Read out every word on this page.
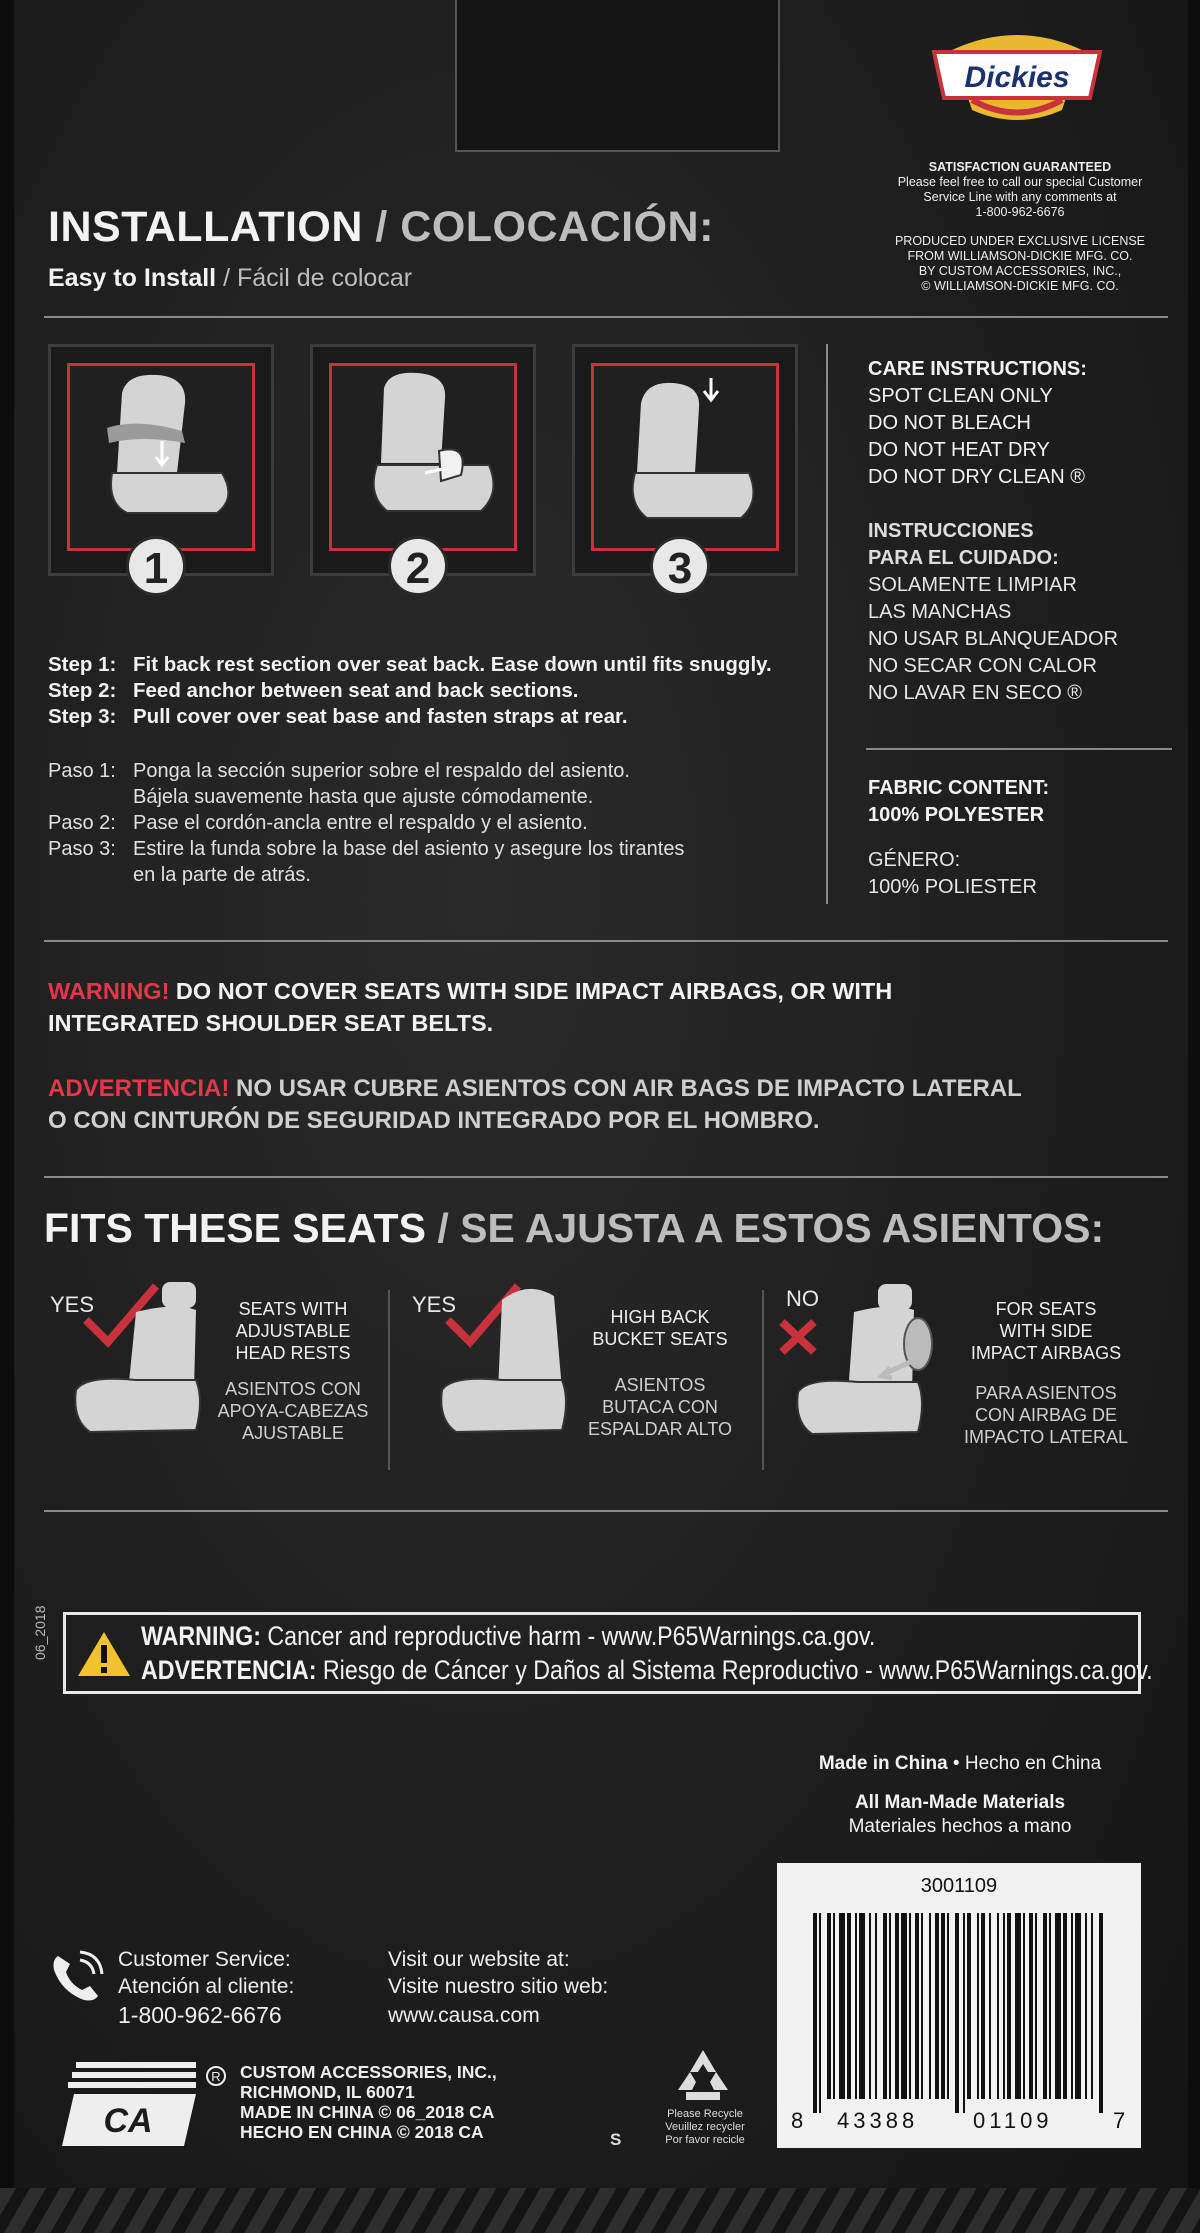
Dickies
SATISFACTION GUARANTEED
Please feel free to call our special Customer
Service Line with any comments at
1-800-962-6676
PRODUCED UNDER EXCLUSIVE LICENSE
FROM WILLIAMSON-DICKIE MFG. CO.
BY CUSTOM ACCESSORIES, INC.,
© WILLIAMSON-DICKIE MFG. CO.
INSTALLATION / COLOCACIÓN:
Easy to Install / Fácil de colocar
1	2	3
Step 1: Fit back rest section over seat back. Ease down until fits snuggly.
Step 2: Feed anchor between seat and back sections.
Step 3: Pull cover over seat base and fasten straps at rear.
Paso 1: Ponga la sección superior sobre el respaldo del asiento.
Bájela suavemente hasta que ajuste cómodamente.
Paso 2: Pase el cordón-ancla entre el respaldo y el asiento.
Paso 3: Estire la funda sobre la base del asiento y asegure los tirantes
en la parte de atrás.
CARE INSTRUCTIONS:
SPOT CLEAN ONLY
DO NOT BLEACH
DO NOT HEAT DRY
DO NOT DRY CLEAN ®
INSTRUCCIONES
PARA EL CUIDADO:
SOLAMENTE LIMPIAR
LAS MANCHAS
NO USAR BLANQUEADOR
NO SECAR CON CALOR
NO LAVAR EN SECO ®
FABRIC CONTENT:
100% POLYESTER
GÉNERO:
100% POLIESTER
WARNING! DO NOT COVER SEATS WITH SIDE IMPACT AIRBAGS, OR WITH
INTEGRATED SHOULDER SEAT BELTS.
ADVERTENCIA! NO USAR CUBRE ASIENTOS CON AIR BAGS DE IMPACTO LATERAL
O CON CINTURÓN DE SEGURIDAD INTEGRADO POR EL HOMBRO.
FITS THESE SEATS / SE AJUSTA A ESTOS ASIENTOS:
YES	SEATS WITH
ADJUSTABLE
HEAD RESTS
ASIENTOS CON
APOYA-CABEZAS
AJUSTABLE
YES	HIGH BACK
BUCKET SEATS
ASIENTOS
BUTACA CON
ESPALDAR ALTO
NO	FOR SEATS
WITH SIDE
IMPACT AIRBAGS
PARA ASIENTOS
CON AIRBAG DE
IMPACTO LATERAL
06_2018	WARNING: Cancer and reproductive harm - www.P65Warnings.ca.gov.
ADVERTENCIA: Riesgo de Cáncer y Daños al Sistema Reproductivo - www.P65Warnings.ca.gov.
Made in China • Hecho en China
All Man-Made Materials
Materiales hechos a mano
3001109
8 43388 01109	7
Customer Service:
Atención al cliente:
1-800-962-6676
Visit our website at:
Visite nuestro sitio web:
www.causa.com
CA
R CUSTOM ACCESSORIES, INC.,
RICHMOND, IL 60071
MADE IN CHINA © 06_2018 CA
HECHO EN CHINA © 2018 CA
Please Recycle
Veuillez recycler
Por favor recicle
S
